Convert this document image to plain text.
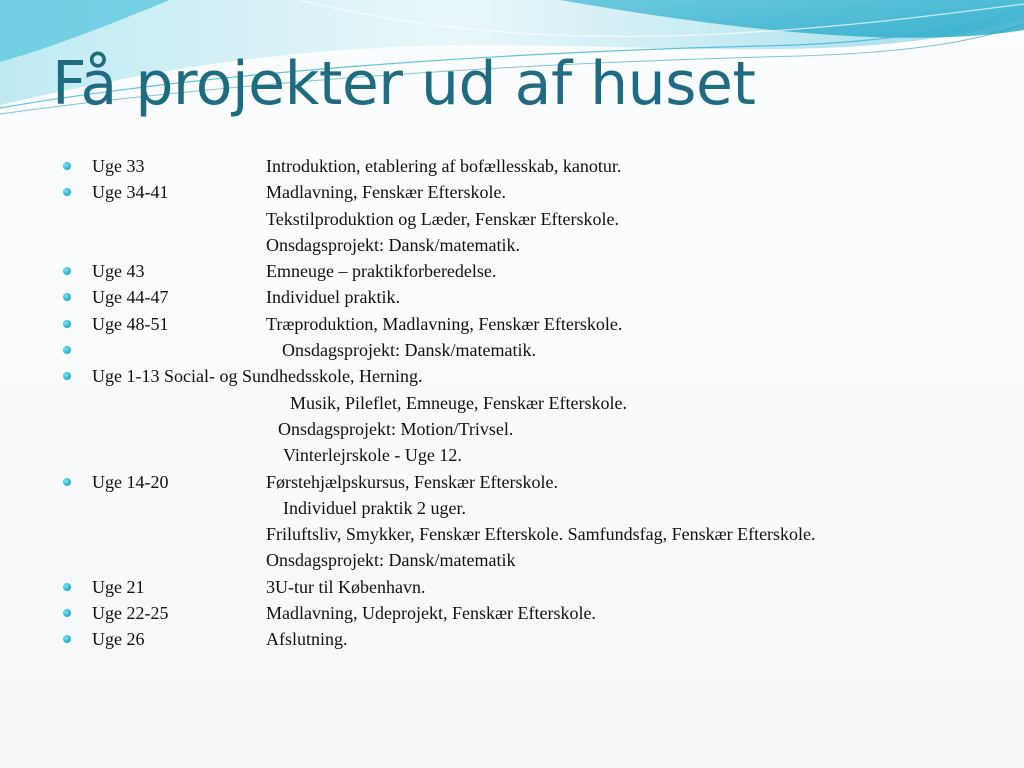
Få projekter ud af huset
Uge 33	Introduktion, etablering af bofællesskab, kanotur.
Uge 34-41	Madlavning, Fenskær Efterskole.
Tekstilproduktion og Læder, Fenskær Efterskole.
Onsdagsprojekt: Dansk/matematik.
Uge 43	Emneuge – praktikforberedelse.
Uge 44-47	Individuel praktik.
Uge 48-51	Træproduktion, Madlavning, Fenskær Efterskole.
Onsdagsprojekt: Dansk/matematik.
Uge 1-13 Social- og Sundhedsskole, Herning.
Musik, Pileflet, Emneuge, Fenskær Efterskole.
Onsdagsprojekt: Motion/Trivsel.
Vinterlejrskole - Uge 12.
Uge 14-20	Førstehjælpskursus, Fenskær Efterskole.
Individuel praktik 2 uger.
Friluftsliv, Smykker, Fenskær Efterskole. Samfundsfag, Fenskær Efterskole.
Onsdagsprojekt: Dansk/matematik
Uge 21	3U-tur til København.
Uge 22-25	Madlavning, Udeprojekt, Fenskær Efterskole.
Uge 26	Afslutning.
